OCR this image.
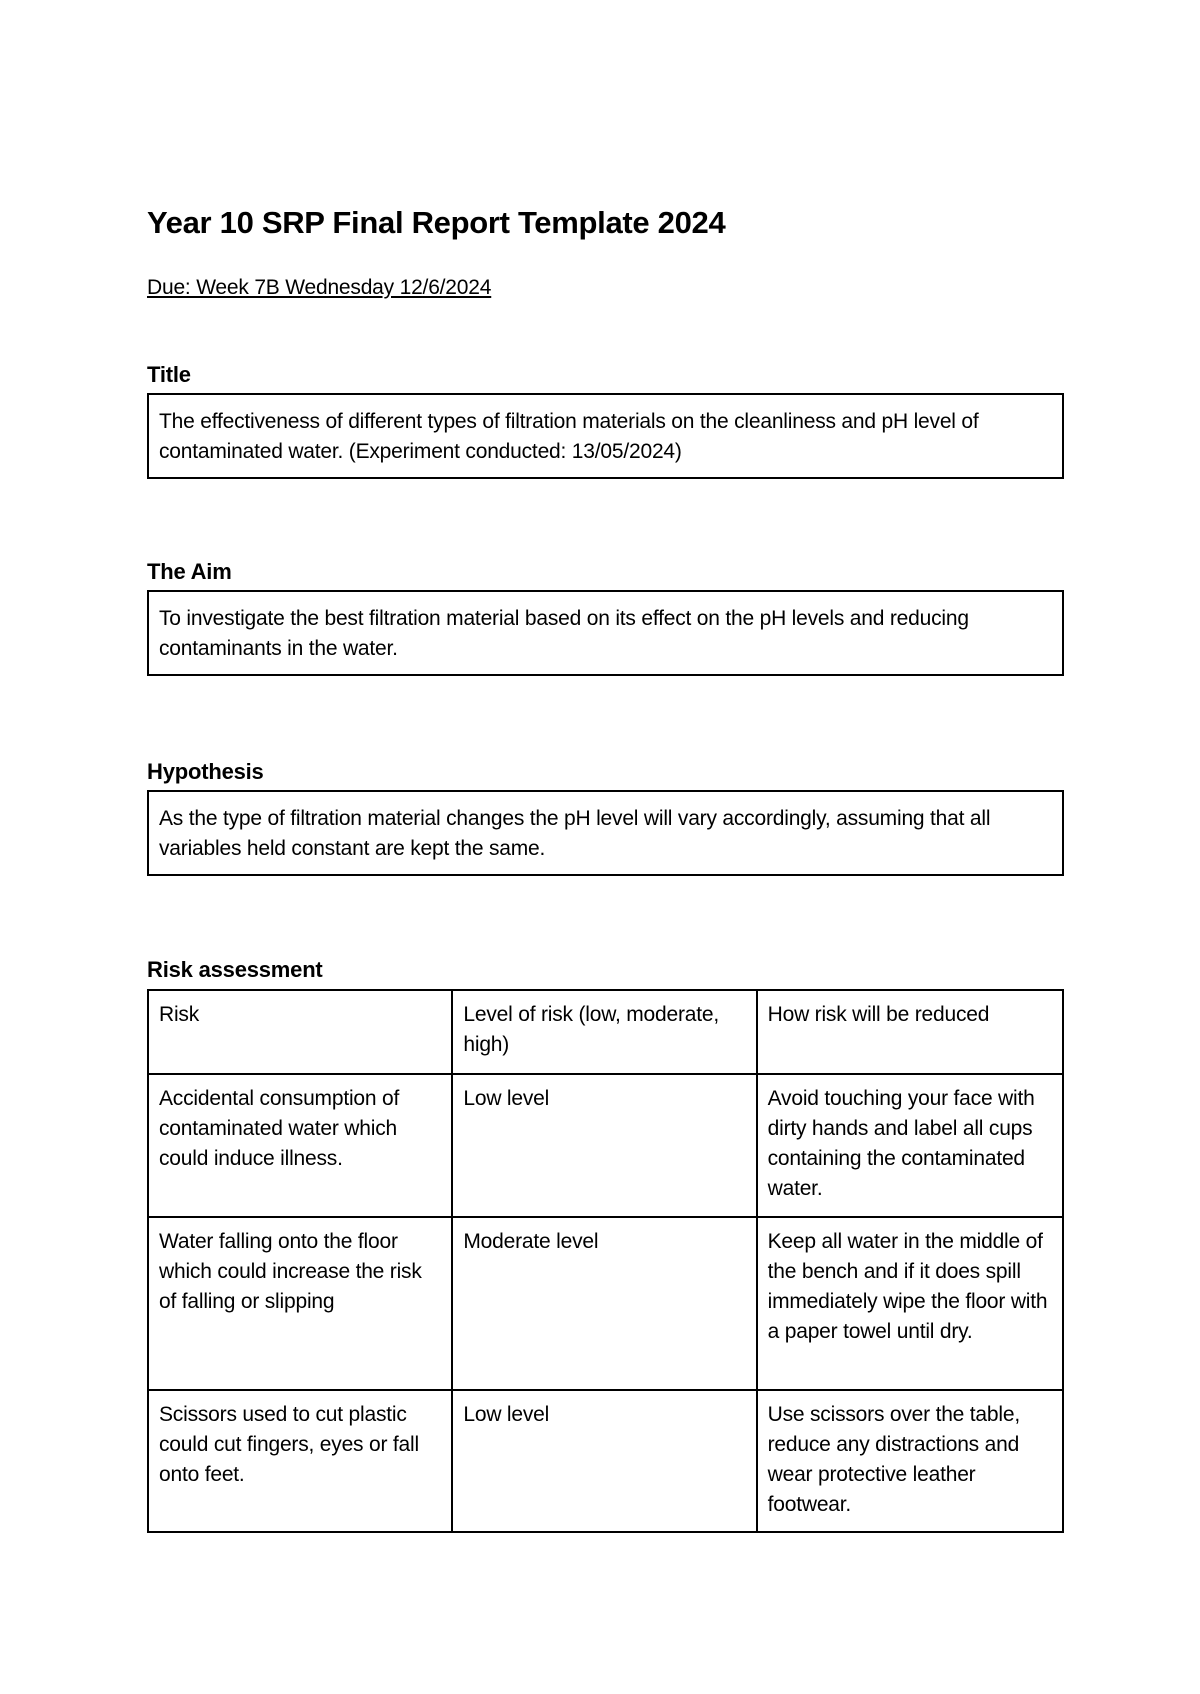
Year 10 SRP Final Report Template 2024
Due: Week 7B Wednesday 12/6/2024
Title
The effectiveness of different types of filtration materials on the cleanliness and pH level of contaminated water. (Experiment conducted: 13/05/2024)
The Aim
To investigate the best filtration material based on its effect on the pH levels and reducing contaminants in the water.
Hypothesis
As the type of filtration material changes the pH level will vary accordingly, assuming that all variables held constant are kept the same.
Risk assessment
Risk	Level of risk (low, moderate, high)	How risk will be reduced
Accidental consumption of contaminated water which could induce illness.	Low level	Avoid touching your face with dirty hands and label all cups containing the contaminated water.
Water falling onto the floor which could increase the risk of falling or slipping	Moderate level	Keep all water in the middle of the bench and if it does spill immediately wipe the floor with a paper towel until dry.
Scissors used to cut plastic could cut fingers, eyes or fall onto feet.	Low level	Use scissors over the table, reduce any distractions and wear protective leather footwear.
